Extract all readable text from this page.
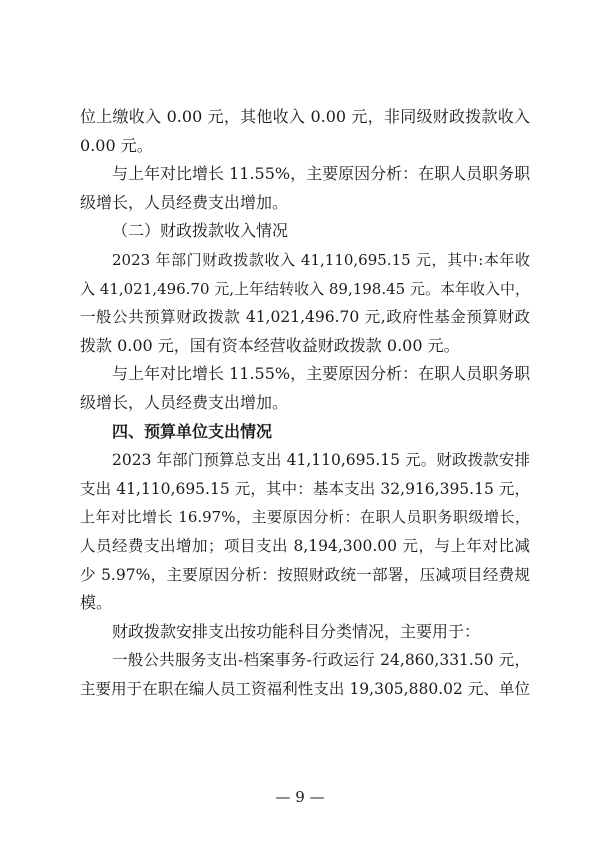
位上缴收入 0.00 元，其他收入 0.00 元，非同级财政拨款收入
0.00 元。
与上年对比增长 11.55%，主要原因分析：在职人员职务职
级增长，人员经费支出增加。
（二）财政拨款收入情况
2023 年部门财政拨款收入 41,110,695.15 元，其中:本年收
入 41,021,496.70 元,上年结转收入 89,198.45 元。本年收入中，
一般公共预算财政拨款 41,021,496.70 元,政府性基金预算财政
拨款 0.00 元，国有资本经营收益财政拨款 0.00 元。
与上年对比增长 11.55%，主要原因分析：在职人员职务职
级增长，人员经费支出增加。
四、预算单位支出情况
2023 年部门预算总支出 41,110,695.15 元。财政拨款安排
支出 41,110,695.15 元，其中：基本支出 32,916,395.15 元，
上年对比增长 16.97%，主要原因分析：在职人员职务职级增长，
人员经费支出增加；项目支出 8,194,300.00 元，与上年对比减
少 5.97%，主要原因分析：按照财政统一部署，压减项目经费规
模。
财政拨款安排支出按功能科目分类情况，主要用于：
一般公共服务支出-档案事务-行政运行 24,860,331.50 元，
主要用于在职在编人员工资福利性支出 19,305,880.02 元、单位
— 9 —
